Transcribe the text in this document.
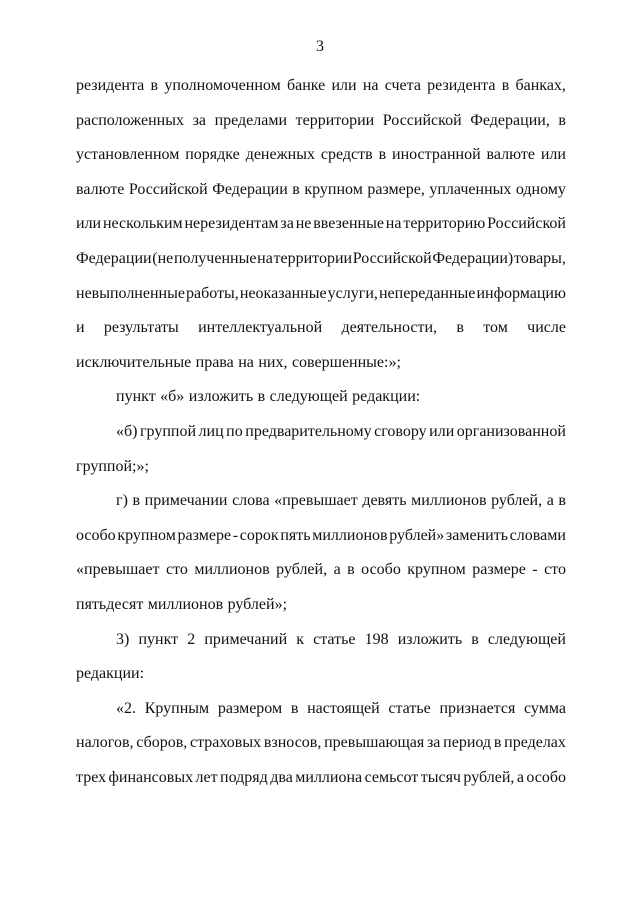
3
резидента в уполномоченном банке или на счета резидента в банках,
расположенных за пределами территории Российской Федерации, в
установленном порядке денежных средств в иностранной валюте или
валюте Российской Федерации в крупном размере, уплаченных одному
или нескольким нерезидентам за не ввезенные на территорию Российской
Федерации (не полученные на территории Российской Федерации) товары,
невыполненные работы, неоказанные услуги, непереданные информацию
и результаты интеллектуальной деятельности, в том числе
исключительные права на них, совершенные:»;
пункт «б» изложить в следующей редакции:
«б) группой лиц по предварительному сговору или организованной
группой;»;
г) в примечании слова «превышает девять миллионов рублей, а в
особо крупном размере - сорок пять миллионов рублей» заменить словами
«превышает сто миллионов рублей, а в особо крупном размере - сто
пятьдесят миллионов рублей»;
3) пункт 2 примечаний к статье 198 изложить в следующей
редакции:
«2. Крупным размером в настоящей статье признается сумма
налогов, сборов, страховых взносов, превышающая за период в пределах
трех финансовых лет подряд два миллиона семьсот тысяч рублей, а особо
